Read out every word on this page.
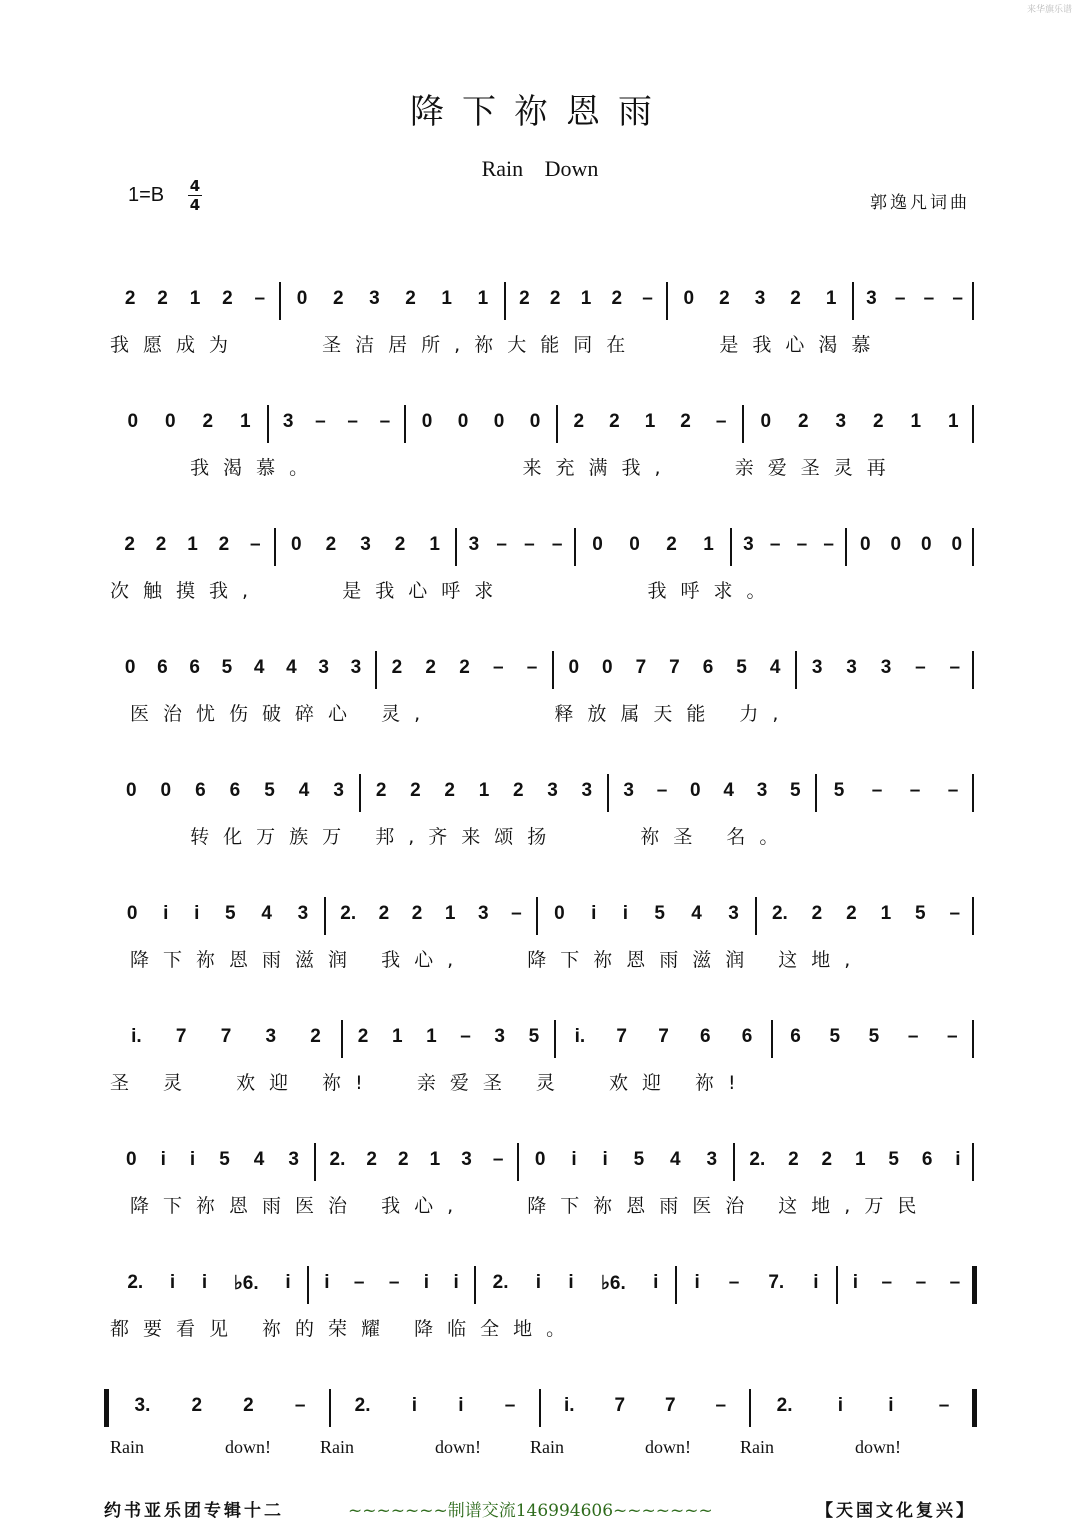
来华旗乐谱
降下祢恩雨
Rain Down
1=B 4
4	郭逸凡词曲
2 2 1 2 – 0 2 3 2 1 1 2 2 1 2 – 0 2 3 2 1 3 – – –
我愿成为    圣洁居所,祢大能同在    是我心渴慕
0 0 2 1 3 – – – 0 0 0 0 2 2 1 2 – 0 2 3 2 1 1
我渴慕。          来充满我,   亲爱圣灵再
2 2 1 2 – 0 2 3 2 1 3 – – – 0 0 2 1 3 – – – 0 0 0 0
次触摸我,    是我心呼求       我呼求。
0 6 6 5 4 4 3 3 2 2 2 – – 0 0 7 7 6 5 4 3 3 3 – –
医治忧伤破碎心 灵,      释放属天能 力,
0 0 6 6 5 4 3 2 2 2 1 2 3 3 3 – 0 4 3 5 5 – – –
转化万族万 邦,齐来颂扬    祢圣 名。
0 i i 5 4 3 2. 2 2 1 3 – 0 i i 5 4 3 2. 2 2 1 5 –
降下祢恩雨滋润 我心,   降下祢恩雨滋润 这地,
i. 7 7 3 2 2 1 1 – 3 5 i. 7 7 6 6 6 5 5 – –
圣 灵  欢迎 祢!  亲爱圣 灵  欢迎 祢!
0 i i 5 4 3 2. 2 2 1 3 – 0 i i 5 4 3 2. 2 2 1 5 6 i
降下祢恩雨医治 我心,   降下祢恩雨医治 这地,万民
2. i i ♭6. i i – – i i 2. i i ♭6. i i – 7. i i – – –
都要看见 祢的荣耀 降临全地。
3. 2 2 –	2. i i –	i. 7 7 –	2. i i –
Rain	down!	Rain	down!	Rain	down!	Rain	down!
约书亚乐团专辑十二	~~~~~~~制谱交流146994606~~~~~~~	【天国文化复兴】
